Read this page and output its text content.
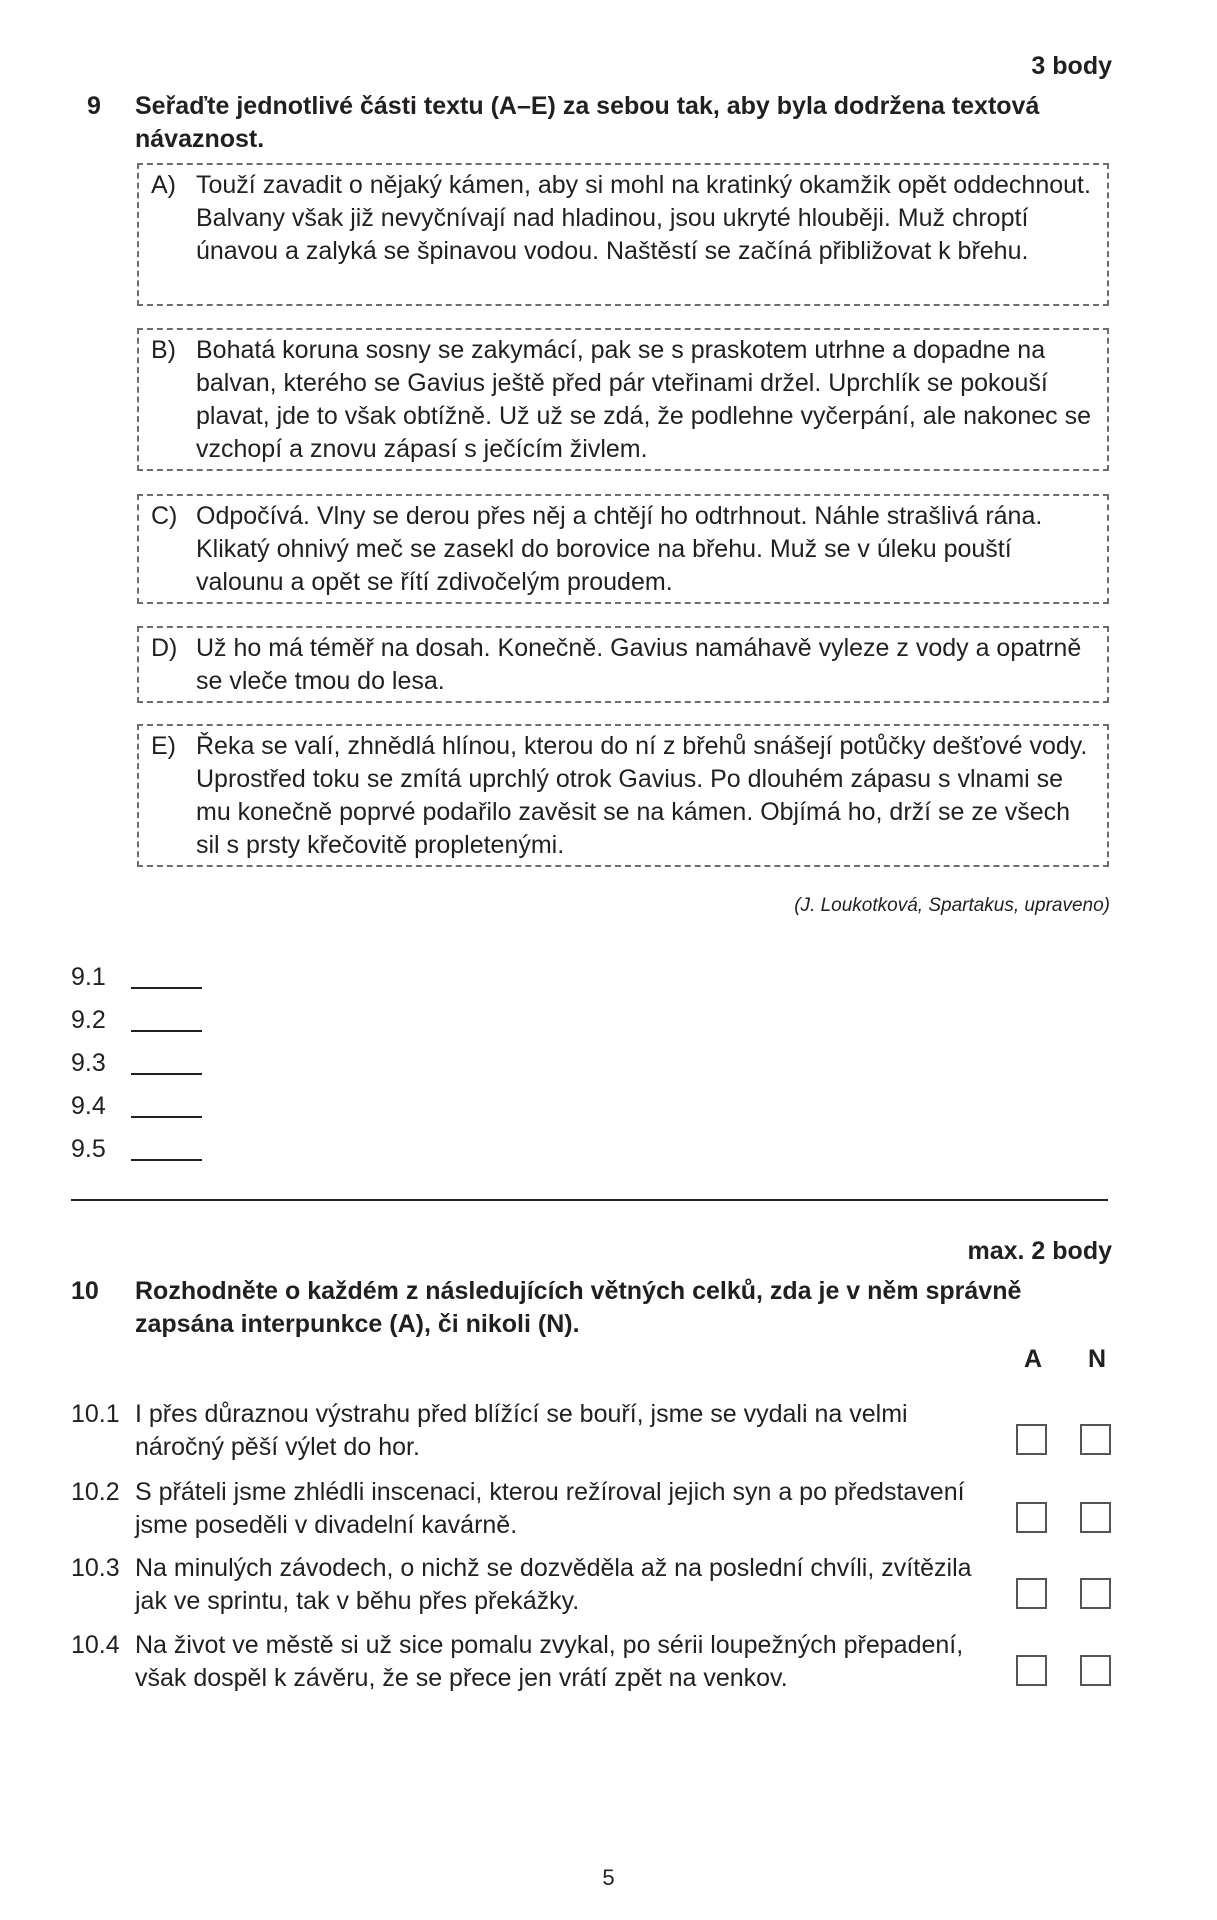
3 body
9 Seřaďte jednotlivé části textu (A–E) za sebou tak, aby byla dodržena textová návaznost.
A) Touží zavadit o nějaký kámen, aby si mohl na kratinký okamžik opět oddechnout. Balvany však již nevyčnívají nad hladinou, jsou ukryté hlouběji. Muž chroptí únavou a zalyká se špinavou vodou. Naštěstí se začíná přibližovat k břehu.
B) Bohatá koruna sosny se zakymácí, pak se s praskotem utrhne a dopadne na balvan, kterého se Gavius ještě před pár vteřinami držel. Uprchlík se pokouší plavat, jde to však obtížně. Už už se zdá, že podlehne vyčerpání, ale nakonec se vzchopí a znovu zápasí s ječícím živlem.
C) Odpočívá. Vlny se derou přes něj a chtějí ho odtrhnout. Náhle strašlivá rána. Klikatý ohnivý meč se zasekl do borovice na břehu. Muž se v úleku pouští valounu a opět se řítí zdivočelým proudem.
D) Už ho má téměř na dosah. Konečně. Gavius namáhavě vyleze z vody a opatrně se vleče tmou do lesa.
E) Řeka se valí, zhnědlá hlínou, kterou do ní z břehů snášejí potůčky dešťové vody. Uprostřed toku se zmítá uprchlý otrok Gavius. Po dlouhém zápasu s vlnami se mu konečně poprvé podařilo zavěsit se na kámen. Objímá ho, drží se ze všech sil s prsty křečovitě propletenými.
(J. Loukotková, Spartakus, upraveno)
9.1
9.2
9.3
9.4
9.5
max. 2 body
10 Rozhodněte o každém z následujících větných celků, zda je v něm správně zapsána interpunkce (A), či nikoli (N).
A N
10.1 I přes důraznou výstrahu před blížící se bouří, jsme se vydali na velmi náročný pěší výlet do hor.
10.2 S přáteli jsme zhlédli inscenaci, kterou režíroval jejich syn a po představení jsme poseděli v divadelní kavárně.
10.3 Na minulých závodech, o nichž se dozvěděla až na poslední chvíli, zvítězila jak ve sprintu, tak v běhu přes překážky.
10.4 Na život ve městě si už sice pomalu zvykal, po sérii loupežných přepadení, však dospěl k závěru, že se přece jen vrátí zpět na venkov.
5
